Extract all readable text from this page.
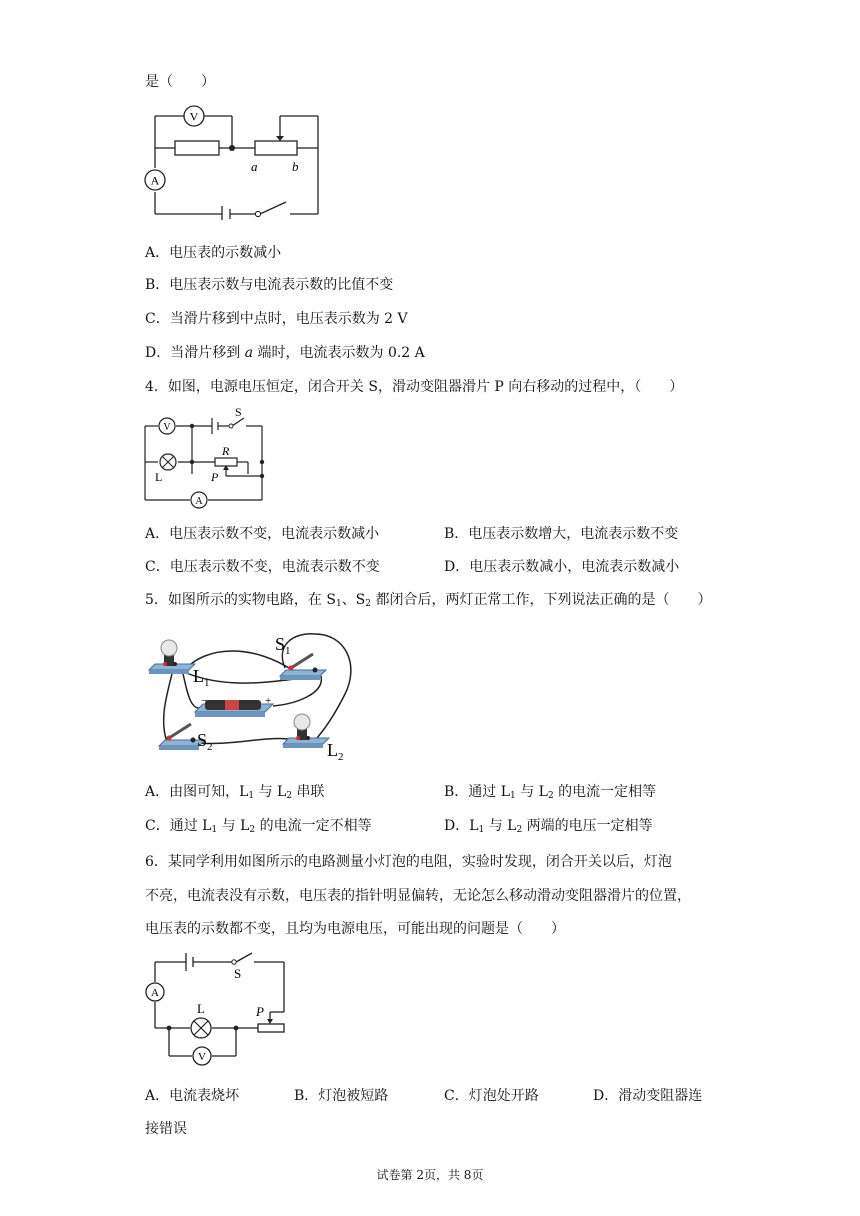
是（　　）
V
A
a	b
A．电压表的示数减小
B．电压表示数与电流表示数的比值不变
C．当滑片移到中点时，电压表示数为 2 V
D．当滑片移到 a 端时，电流表示数为 0.2 A
4．如图，电源电压恒定，闭合开关 S，滑动变阻器滑片 P 向右移动的过程中，（　　）
V
A
S
L
R
P
A．电压表示数不变，电流表示数减小	B．电压表示数增大，电流表示数不变
C．电压表示数不变，电流表示数不变	D．电压表示数减小，电流表示数减小
5．如图所示的实物电路，在 $S_1$、$S_2$ 都闭合后，两灯正常工作，下列说法正确的是（　　）
$L_1$
$S_1$
$S_2$	$L_2$
−	+
A．由图可知，$L_1$ 与 $L_2$ 串联	B．通过 $L_1$ 与 $L_2$ 的电流一定相等
C．通过 $L_1$ 与 $L_2$ 的电流一定不相等	D．$L_1$ 与 $L_2$ 两端的电压一定相等
6．某同学利用如图所示的电路测量小灯泡的电阻，实验时发现，闭合开关以后，灯泡
不亮，电流表没有示数，电压表的指针明显偏转，无论怎么移动滑动变阻器滑片的位置，
电压表的示数都不变，且均为电源电压，可能出现的问题是（　　）
A
V
S
L	P
A．电流表烧坏	B．灯泡被短路	C．灯泡处开路	D．滑动变阻器连
接错误
试卷第 2页，共 8页
